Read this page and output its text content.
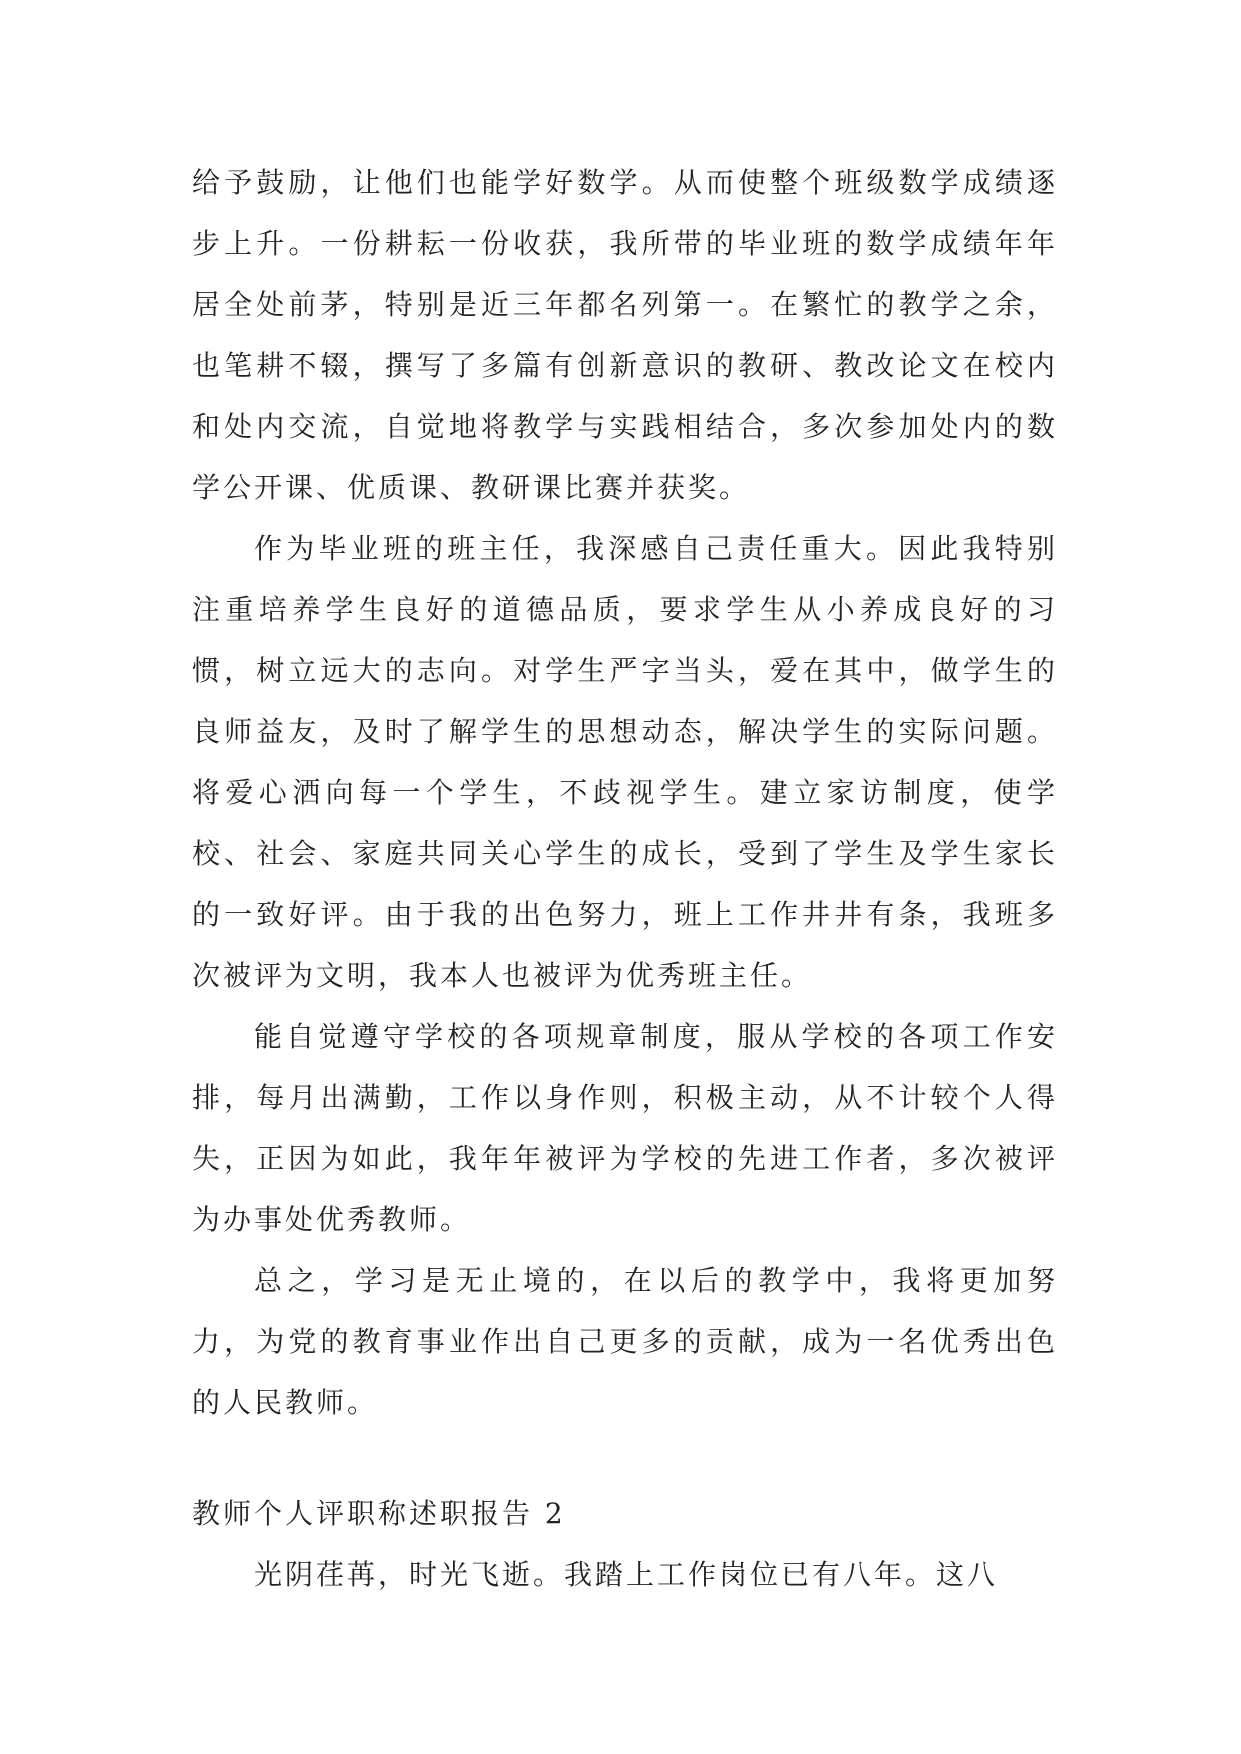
给予鼓励，让他们也能学好数学。从而使整个班级数学成绩逐步上升。一份耕耘一份收获，我所带的毕业班的数学成绩年年居全处前茅，特别是近三年都名列第一。在繁忙的教学之余，也笔耕不辍，撰写了多篇有创新意识的教研、教改论文在校内和处内交流，自觉地将教学与实践相结合，多次参加处内的数学公开课、优质课、教研课比赛并获奖。

作为毕业班的班主任，我深感自己责任重大。因此我特别注重培养学生良好的道德品质，要求学生从小养成良好的习惯，树立远大的志向。对学生严字当头，爱在其中，做学生的良师益友，及时了解学生的思想动态，解决学生的实际问题。将爱心洒向每一个学生，不歧视学生。建立家访制度，使学校、社会、家庭共同关心学生的成长，受到了学生及学生家长的一致好评。由于我的出色努力，班上工作井井有条，我班多次被评为文明，我本人也被评为优秀班主任。

能自觉遵守学校的各项规章制度，服从学校的各项工作安排，每月出满勤，工作以身作则，积极主动，从不计较个人得失，正因为如此，我年年被评为学校的先进工作者，多次被评为办事处优秀教师。

总之，学习是无止境的，在以后的教学中，我将更加努力，为党的教育事业作出自己更多的贡献，成为一名优秀出色的人民教师。

教师个人评职称述职报告 2

光阴荏苒，时光飞逝。我踏上工作岗位已有八年。这八
